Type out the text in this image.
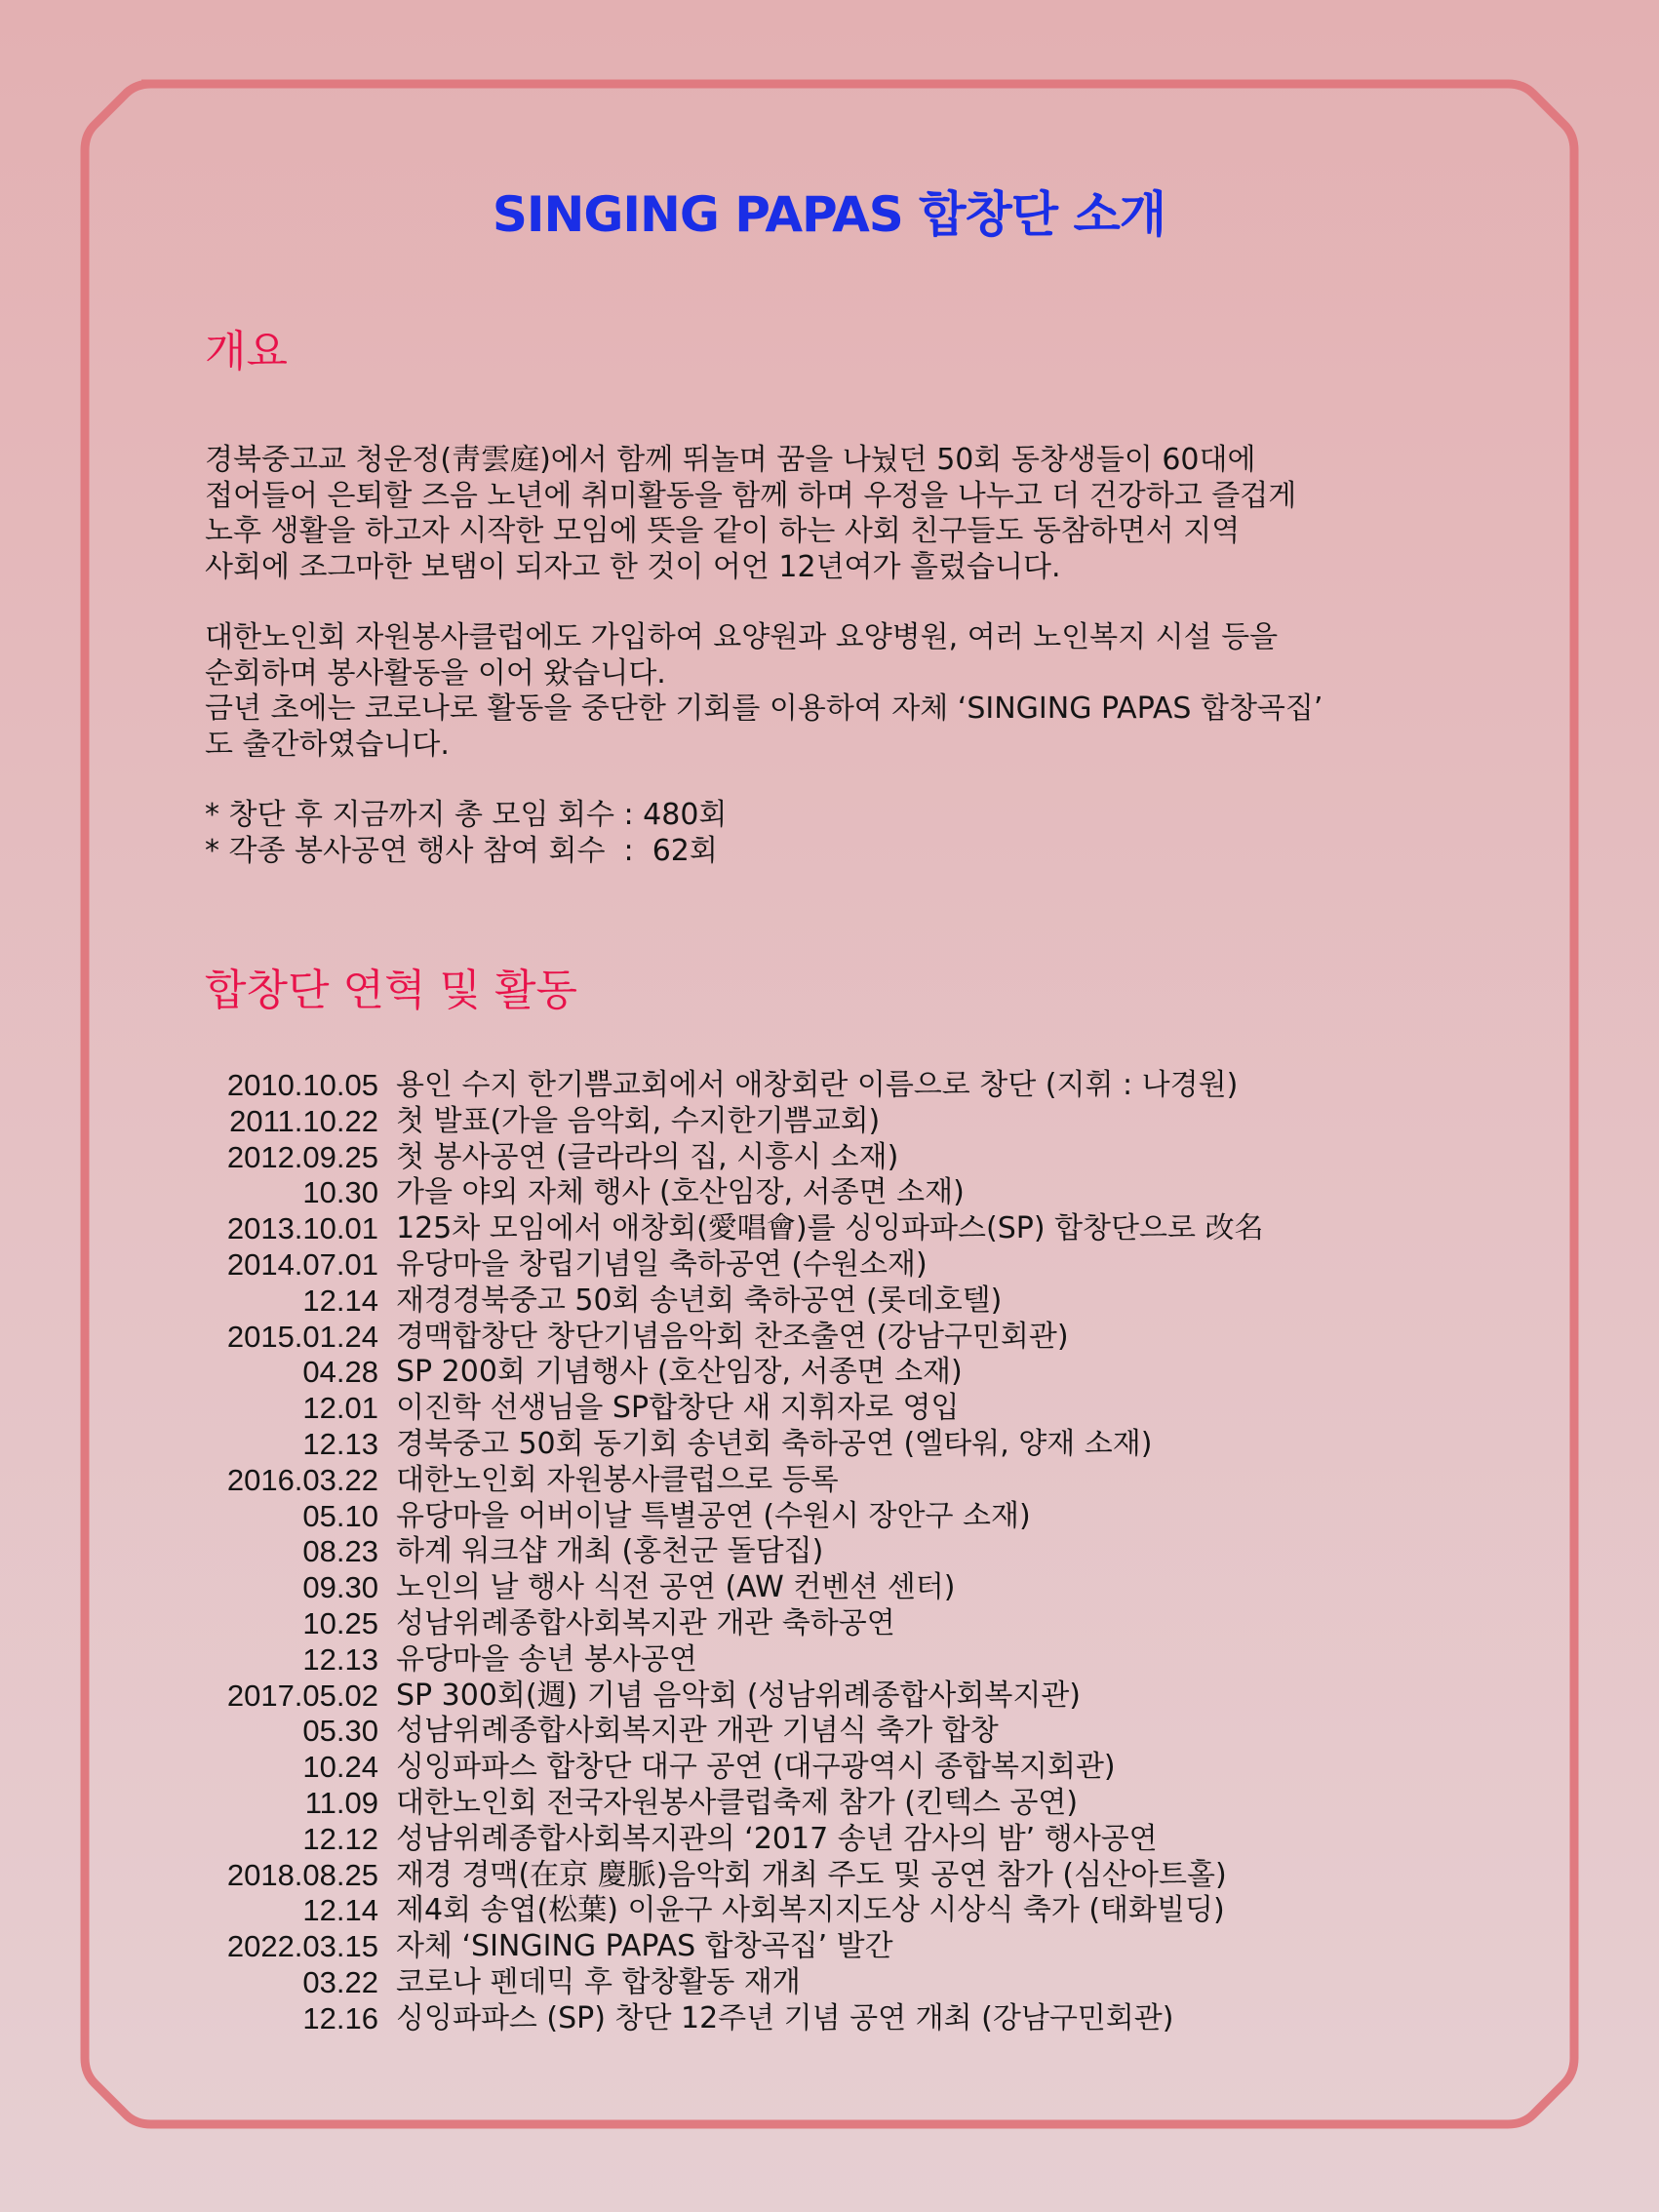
SINGING PAPAS 합창단 소개
개요

경북중고교 청운정(靑雲庭)에서 함께 뛰놀며 꿈을 나눴던 50회 동창생들이 60대에
접어들어 은퇴할 즈음 노년에 취미활동을 함께 하며 우정을 나누고 더 건강하고 즐겁게
노후 생활을 하고자 시작한 모임에 뜻을 같이 하는 사회 친구들도 동참하면서 지역
사회에 조그마한 보탬이 되자고 한 것이 어언 12년여가 흘렀습니다.

대한노인회 자원봉사클럽에도 가입하여 요양원과 요양병원, 여러 노인복지 시설 등을
순회하며 봉사활동을 이어 왔습니다.
금년 초에는 코로나로 활동을 중단한 기회를 이용하여 자체 ‘SINGING PAPAS 합창곡집’
도 출간하였습니다.

* 창단 후 지금까지 총 모임 회수 : 480회
* 각종 봉사공연 행사 참여 회수  :  62회
합창단 연혁 및 활동
2010.10.05 용인 수지 한기쁨교회에서 애창회란 이름으로 창단 (지휘 : 나경원)
2011.10.22 첫 발표(가을 음악회, 수지한기쁨교회)
2012.09.25 첫 봉사공연 (글라라의 집, 시흥시 소재)
10.30 가을 야외 자체 행사 (호산임장, 서종면 소재)
2013.10.01 125차 모임에서 애창회(愛唱會)를 싱잉파파스(SP) 합창단으로 改名
2014.07.01 유당마을 창립기념일 축하공연 (수원소재)
12.14 재경경북중고 50회 송년회 축하공연 (롯데호텔)
2015.01.24 경맥합창단 창단기념음악회 찬조출연 (강남구민회관)
04.28 SP 200회 기념행사 (호산임장, 서종면 소재)
12.01 이진학 선생님을 SP합창단 새 지휘자로 영입
12.13 경북중고 50회 동기회 송년회 축하공연 (엘타워, 양재 소재)
2016.03.22 대한노인회 자원봉사클럽으로 등록
05.10 유당마을 어버이날 특별공연 (수원시 장안구 소재)
08.23 하계 워크샵 개최 (홍천군 돌담집)
09.30 노인의 날 행사 식전 공연 (AW 컨벤션 센터)
10.25 성남위례종합사회복지관 개관 축하공연
12.13 유당마을 송년 봉사공연
2017.05.02 SP 300회(週) 기념 음악회 (성남위례종합사회복지관)
05.30 성남위례종합사회복지관 개관 기념식 축가 합창
10.24 싱잉파파스 합창단 대구 공연 (대구광역시 종합복지회관)
11.09 대한노인회 전국자원봉사클럽축제 참가 (킨텍스 공연)
12.12 성남위례종합사회복지관의 ‘2017 송년 감사의 밤’ 행사공연
2018.08.25 재경 경맥(在京 慶脈)음악회 개최 주도 및 공연 참가 (심산아트홀)
12.14 제4회 송엽(松葉) 이윤구 사회복지지도상 시상식 축가 (태화빌딩)
2022.03.15 자체 ‘SINGING PAPAS 합창곡집’ 발간
03.22 코로나 펜데믹 후 합창활동 재개
12.16 싱잉파파스 (SP) 창단 12주년 기념 공연 개최 (강남구민회관)
